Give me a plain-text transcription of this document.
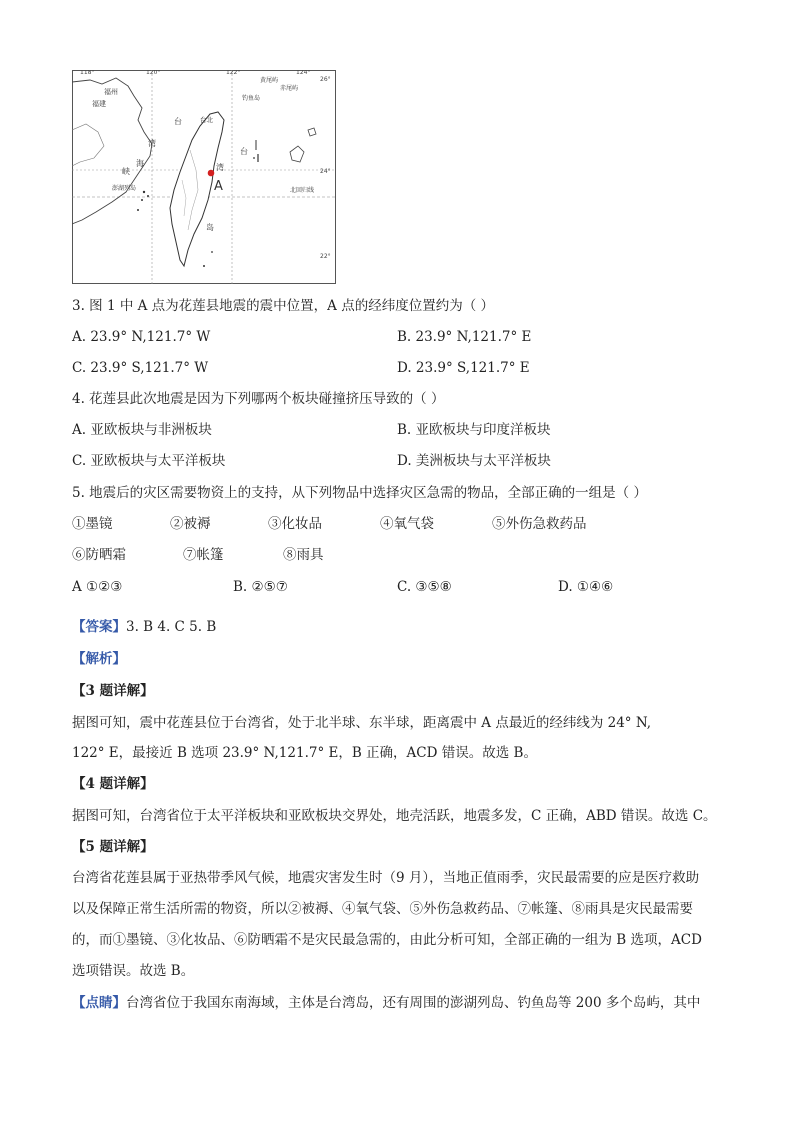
118°	120°	122°	124°
26°
24°
22°
福州
福建
台
湾
海
峡
澎湖列岛
台北
钓鱼岛
黄尾屿
赤尾屿
台
湾
岛
北回归线
A
3. 图 1 中 A 点为花莲县地震的震中位置，A 点的经纬度位置约为（ ）
A. 23.9° N,121.7° W	B. 23.9° N,121.7° E
C. 23.9° S,121.7° W	D. 23.9° S,121.7° E
4. 花莲县此次地震是因为下列哪两个板块碰撞挤压导致的（ ）
A. 亚欧板块与非洲板块	B. 亚欧板块与印度洋板块
C. 亚欧板块与太平洋板块	D. 美洲板块与太平洋板块
5. 地震后的灾区需要物资上的支持，从下列物品中选择灾区急需的物品，全部正确的一组是（ ）
①墨镜	②被褥	③化妆品	④氧气袋	⑤外伤急救药品
⑥防晒霜	⑦帐篷	⑧雨具
A ①②③	B. ②⑤⑦	C. ③⑤⑧	D. ①④⑥
【答案】3. B 4. C 5. B
【解析】
【3 题详解】
据图可知，震中花莲县位于台湾省，处于北半球、东半球，距离震中 A 点最近的经纬线为 24° N,
122° E，最接近 B 选项 23.9° N,121.7° E，B 正确，ACD 错误。故选 B。
【4 题详解】
据图可知，台湾省位于太平洋板块和亚欧板块交界处，地壳活跃，地震多发，C 正确，ABD 错误。故选 C。
【5 题详解】
台湾省花莲县属于亚热带季风气候，地震灾害发生时（9 月），当地正值雨季，灾民最需要的应是医疗救助
以及保障正常生活所需的物资，所以②被褥、④氧气袋、⑤外伤急救药品、⑦帐篷、⑧雨具是灾民最需要
的，而①墨镜、③化妆品、⑥防晒霜不是灾民最急需的，由此分析可知，全部正确的一组为 B 选项，ACD
选项错误。故选 B。
【点睛】台湾省位于我国东南海域，主体是台湾岛，还有周围的澎湖列岛、钓鱼岛等 200 多个岛屿，其中
